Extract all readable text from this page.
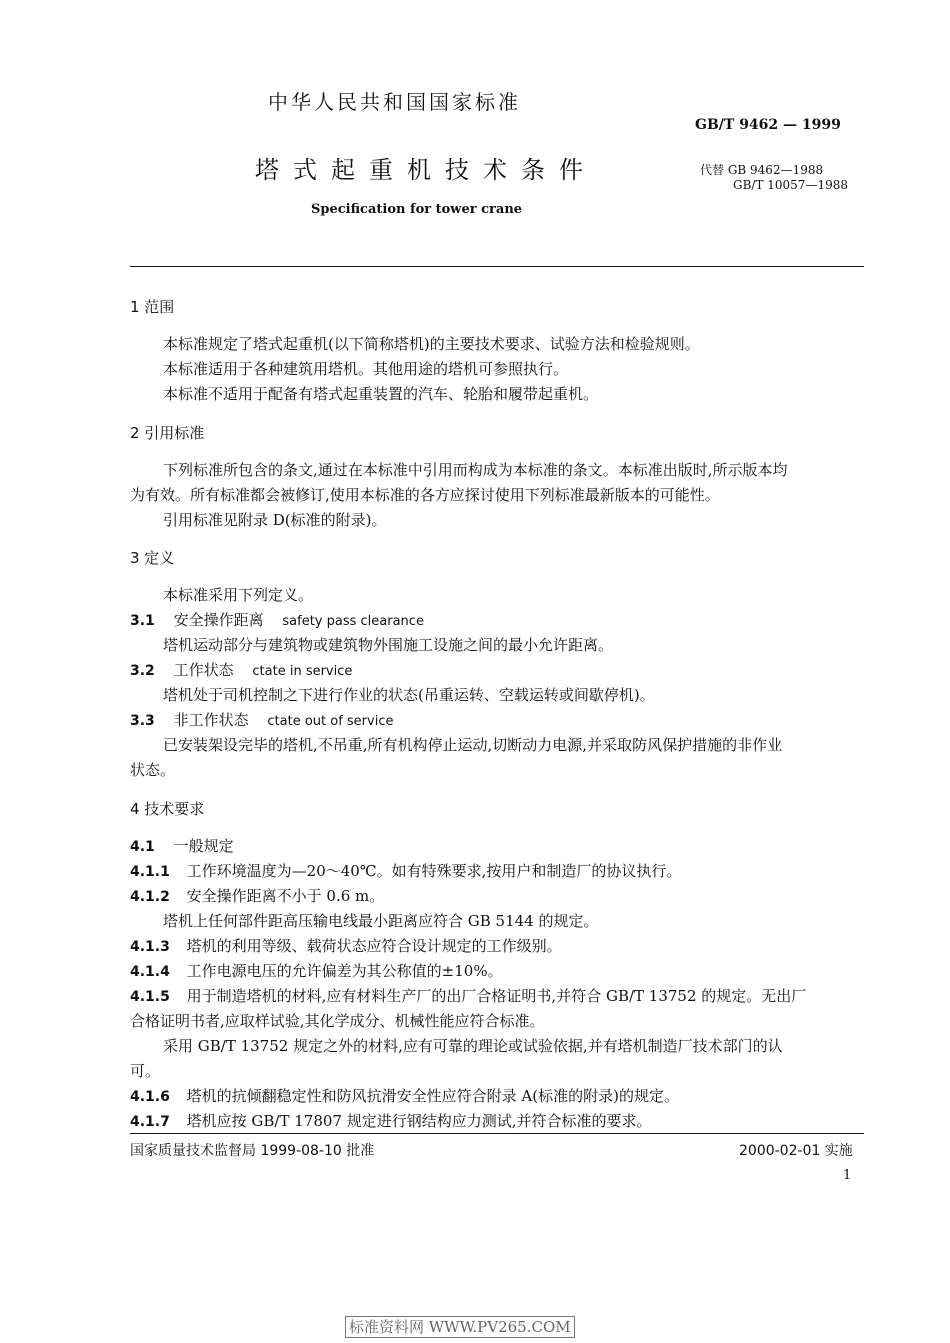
中华人民共和国国家标准
GB/T 9462 — 1999
塔式起重机技术条件	代替 GB 9462—1988
GB/T 10057—1988
Specification for tower crane
1 范围
本标准规定了塔式起重机(以下简称塔机)的主要技术要求、试验方法和检验规则。
本标准适用于各种建筑用塔机。其他用途的塔机可参照执行。
本标准不适用于配备有塔式起重装置的汽车、轮胎和履带起重机。
2 引用标准
下列标准所包含的条文,通过在本标准中引用而构成为本标准的条文。本标准出版时,所示版本均
为有效。所有标准都会被修订,使用本标准的各方应探讨使用下列标准最新版本的可能性。
引用标准见附录 D(标准的附录)。
3 定义
本标准采用下列定义。
3.1 安全操作距离 safety pass clearance
塔机运动部分与建筑物或建筑物外围施工设施之间的最小允许距离。
3.2 工作状态 ctate in service
塔机处于司机控制之下进行作业的状态(吊重运转、空载运转或间歇停机)。
3.3 非工作状态 ctate out of service
已安装架设完毕的塔机,不吊重,所有机构停止运动,切断动力电源,并采取防风保护措施的非作业
状态。
4 技术要求
4.1 一般规定
4.1.1 工作环境温度为—20～40℃。如有特殊要求,按用户和制造厂的协议执行。
4.1.2 安全操作距离不小于 0.6 m。
塔机上任何部件距高压输电线最小距离应符合 GB 5144 的规定。
4.1.3 塔机的利用等级、载荷状态应符合设计规定的工作级别。
4.1.4 工作电源电压的允许偏差为其公称值的±10%。
4.1.5 用于制造塔机的材料,应有材料生产厂的出厂合格证明书,并符合 GB/T 13752 的规定。无出厂
合格证明书者,应取样试验,其化学成分、机械性能应符合标准。
采用 GB/T 13752 规定之外的材料,应有可靠的理论或试验依据,并有塔机制造厂技术部门的认
可。
4.1.6 塔机的抗倾翻稳定性和防风抗滑安全性应符合附录 A(标准的附录)的规定。
4.1.7 塔机应按 GB/T 17807 规定进行钢结构应力测试,并符合标准的要求。
国家质量技术监督局 1999-08-10 批准	2000-02-01 实施
1
标准资料网 WWW.PV265.COM
